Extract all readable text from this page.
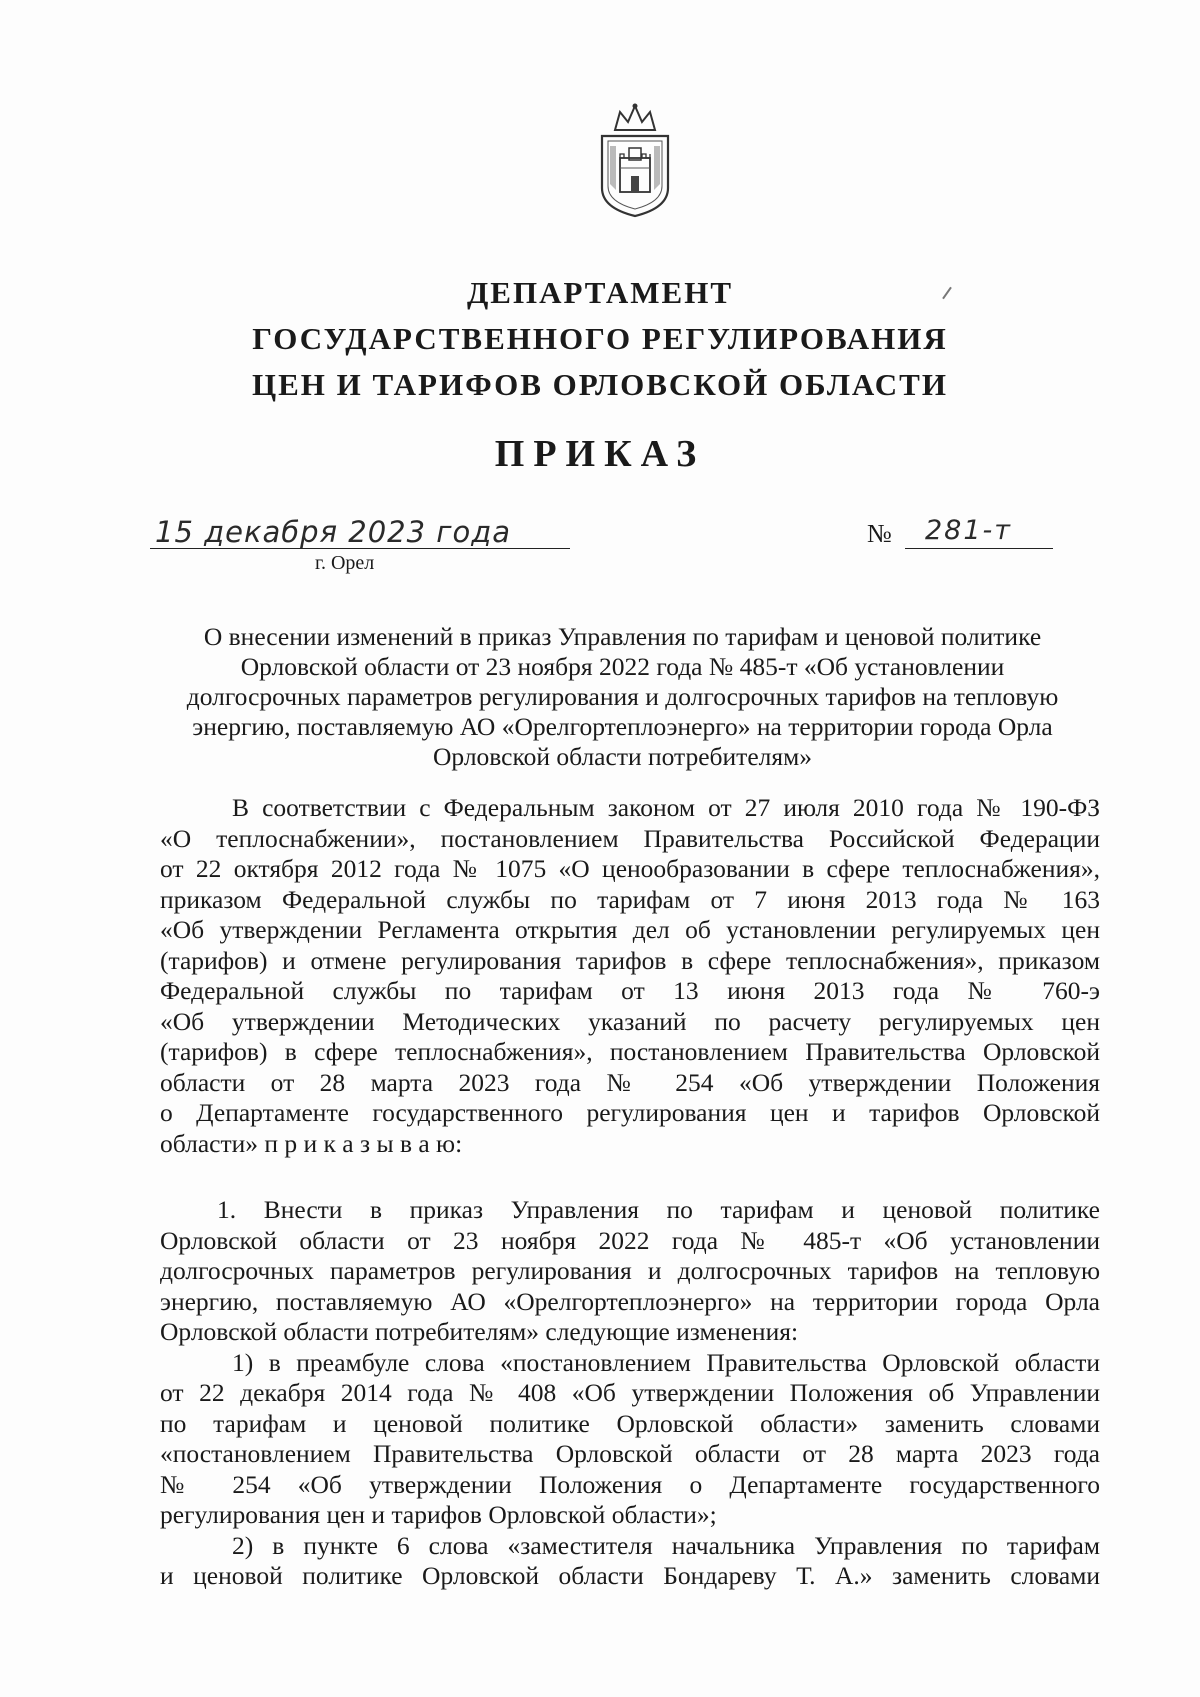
ДЕПАРТАМЕНТ
ГОСУДАРСТВЕННОГО РЕГУЛИРОВАНИЯ
ЦЕН И ТАРИФОВ ОРЛОВСКОЙ ОБЛАСТИ
ПРИКАЗ
15 декабря 2023 года
г. Орел
№ 281-т
О внесении изменений в приказ Управления по тарифам и ценовой политике
Орловской области от 23 ноября 2022 года № 485-т «Об установлении
долгосрочных параметров регулирования и долгосрочных тарифов на тепловую
энергию, поставляемую АО «Орелгортеплоэнерго» на территории города Орла
Орловской области потребителям»
В соответствии с Федеральным законом от 27 июля 2010 года № 190-ФЗ
«О теплоснабжении», постановлением Правительства Российской Федерации
от 22 октября 2012 года № 1075 «О ценообразовании в сфере теплоснабжения»,
приказом Федеральной службы по тарифам от 7 июня 2013 года № 163
«Об утверждении Регламента открытия дел об установлении регулируемых цен
(тарифов) и отмене регулирования тарифов в сфере теплоснабжения», приказом
Федеральной службы по тарифам от 13 июня 2013 года № 760-э
«Об утверждении Методических указаний по расчету регулируемых цен
(тарифов) в сфере теплоснабжения», постановлением Правительства Орловской
области от 28 марта 2023 года № 254 «Об утверждении Положения
о Департаменте государственного регулирования цен и тарифов Орловской
области» п р и к а з ы в а ю:
1. Внести в приказ Управления по тарифам и ценовой политике
Орловской области от 23 ноября 2022 года № 485-т «Об установлении
долгосрочных параметров регулирования и долгосрочных тарифов на тепловую
энергию, поставляемую АО «Орелгортеплоэнерго» на территории города Орла
Орловской области потребителям» следующие изменения:
1) в преамбуле слова «постановлением Правительства Орловской области
от 22 декабря 2014 года № 408 «Об утверждении Положения об Управлении
по тарифам и ценовой политике Орловской области» заменить словами
«постановлением Правительства Орловской области от 28 марта 2023 года
№ 254 «Об утверждении Положения о Департаменте государственного
регулирования цен и тарифов Орловской области»;
2) в пункте 6 слова «заместителя начальника Управления по тарифам
и ценовой политике Орловской области Бондареву Т. А.» заменить словами
